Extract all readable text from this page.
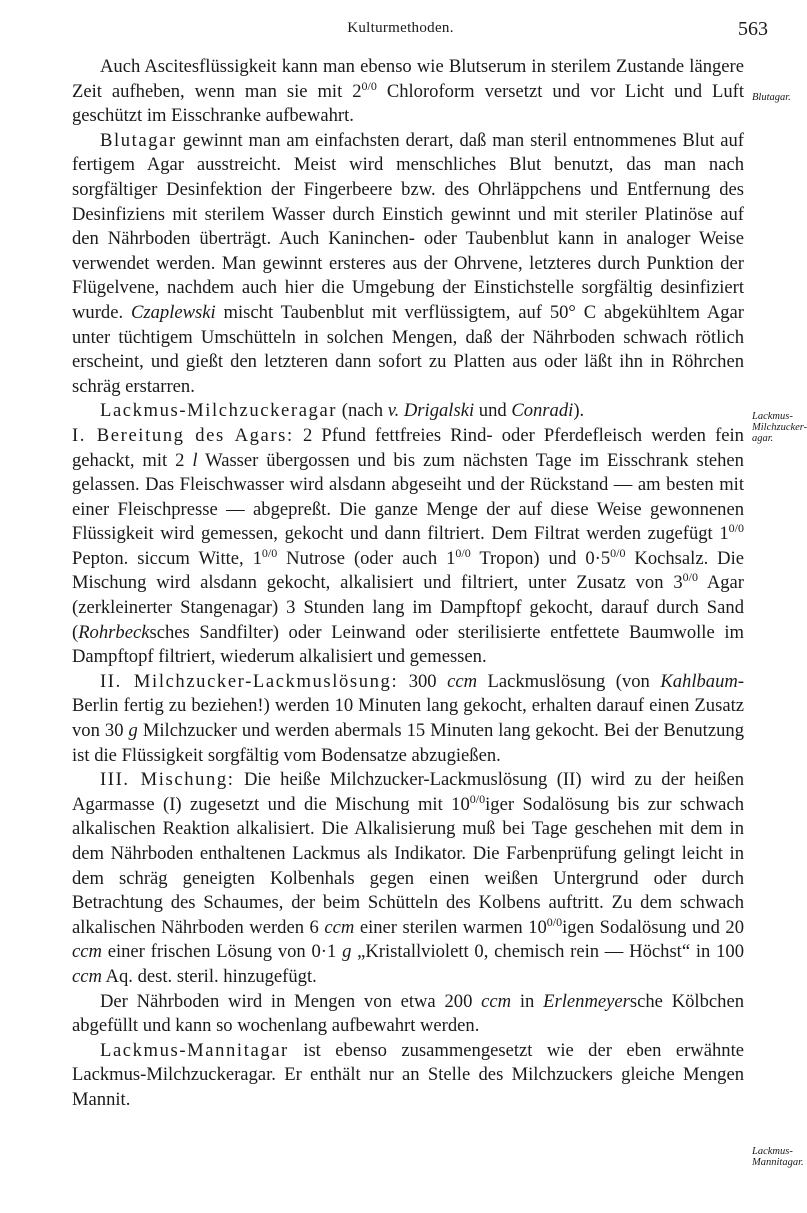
Kulturmethoden.	563
Blutagar.
Lackmus-Milchzucker-agar.
Lackmus-Mannitagar.

Auch Ascitesflüssigkeit kann man ebenso wie Blutserum in sterilem Zustande längere Zeit aufheben, wenn man sie mit $2^{0/0}$ Chloroform versetzt und vor Licht und Luft geschützt im Eisschranke aufbewahrt.

Blutagar gewinnt man am einfachsten derart, daß man steril entnommenes Blut auf fertigem Agar ausstreicht. Meist wird menschliches Blut benutzt, das man nach sorgfältiger Desinfektion der Fingerbeere bzw. des Ohrläppchens und Entfernung des Desinfiziens mit sterilem Wasser durch Einstich gewinnt und mit steriler Platinöse auf den Nährboden überträgt. Auch Kaninchen- oder Taubenblut kann in analoger Weise verwendet werden. Man gewinnt ersteres aus der Ohrvene, letzteres durch Punktion der Flügelvene, nachdem auch hier die Umgebung der Einstichstelle sorgfältig desinfiziert wurde. Czaplewski mischt Taubenblut mit verflüssigtem, auf 50° C abgekühltem Agar unter tüchtigem Umschütteln in solchen Mengen, daß der Nährboden schwach rötlich erscheint, und gießt den letzteren dann sofort zu Platten aus oder läßt ihn in Röhrchen schräg erstarren.

Lackmus-Milchzuckeragar (nach v. Drigalski und Conradi).

I. Bereitung des Agars: 2 Pfund fettfreies Rind- oder Pferdefleisch werden fein gehackt, mit 2 l Wasser übergossen und bis zum nächsten Tage im Eisschrank stehen gelassen. Das Fleischwasser wird alsdann abgeseiht und der Rückstand — am besten mit einer Fleischpresse — abgepreßt. Die ganze Menge der auf diese Weise gewonnenen Flüssigkeit wird gemessen, gekocht und dann filtriert. Dem Filtrat werden zugefügt $1^{0/0}$ Pepton. siccum Witte, $1^{0/0}$ Nutrose (oder auch $1^{0/0}$ Tropon) und $0\cdot 5^{0/0}$ Kochsalz. Die Mischung wird alsdann gekocht, alkalisiert und filtriert, unter Zusatz von $3^{0/0}$ Agar (zerkleinerter Stangenagar) 3 Stunden lang im Dampftopf gekocht, darauf durch Sand (Rohrbecksches Sandfilter) oder Leinwand oder sterilisierte entfettete Baumwolle im Dampftopf filtriert, wiederum alkalisiert und gemessen.

II. Milchzucker-Lackmuslösung: 300 ccm Lackmuslösung (von Kahlbaum-Berlin fertig zu beziehen!) werden 10 Minuten lang gekocht, erhalten darauf einen Zusatz von 30 g Milchzucker und werden abermals 15 Minuten lang gekocht. Bei der Benutzung ist die Flüssigkeit sorgfältig vom Bodensatze abzugießen.

III. Mischung: Die heiße Milchzucker-Lackmuslösung (II) wird zu der heißen Agarmasse (I) zugesetzt und die Mischung mit $10^{0/0}iger$ Sodalösung bis zur schwach alkalischen Reaktion alkalisiert. Die Alkalisierung muß bei Tage geschehen mit dem in dem Nährboden enthaltenen Lackmus als Indikator. Die Farbenprüfung gelingt leicht in dem schräg geneigten Kolbenhals gegen einen weißen Untergrund oder durch Betrachtung des Schaumes, der beim Schütteln des Kolbens auftritt. Zu dem schwach alkalischen Nährboden werden 6 ccm einer sterilen warmen $10^{0/0}igen$ Sodalösung und 20 ccm einer frischen Lösung von 0·1 g „Kristallviolett 0, chemisch rein — Höchst“ in 100 ccm Aq. dest. steril. hinzugefügt.

Der Nährboden wird in Mengen von etwa 200 ccm in Erlenmeyersche Kölbchen abgefüllt und kann so wochenlang aufbewahrt werden.

Lackmus-Mannitagar ist ebenso zusammengesetzt wie der eben erwähnte Lackmus-Milchzuckeragar. Er enthält nur an Stelle des Milchzuckers gleiche Mengen Mannit.
